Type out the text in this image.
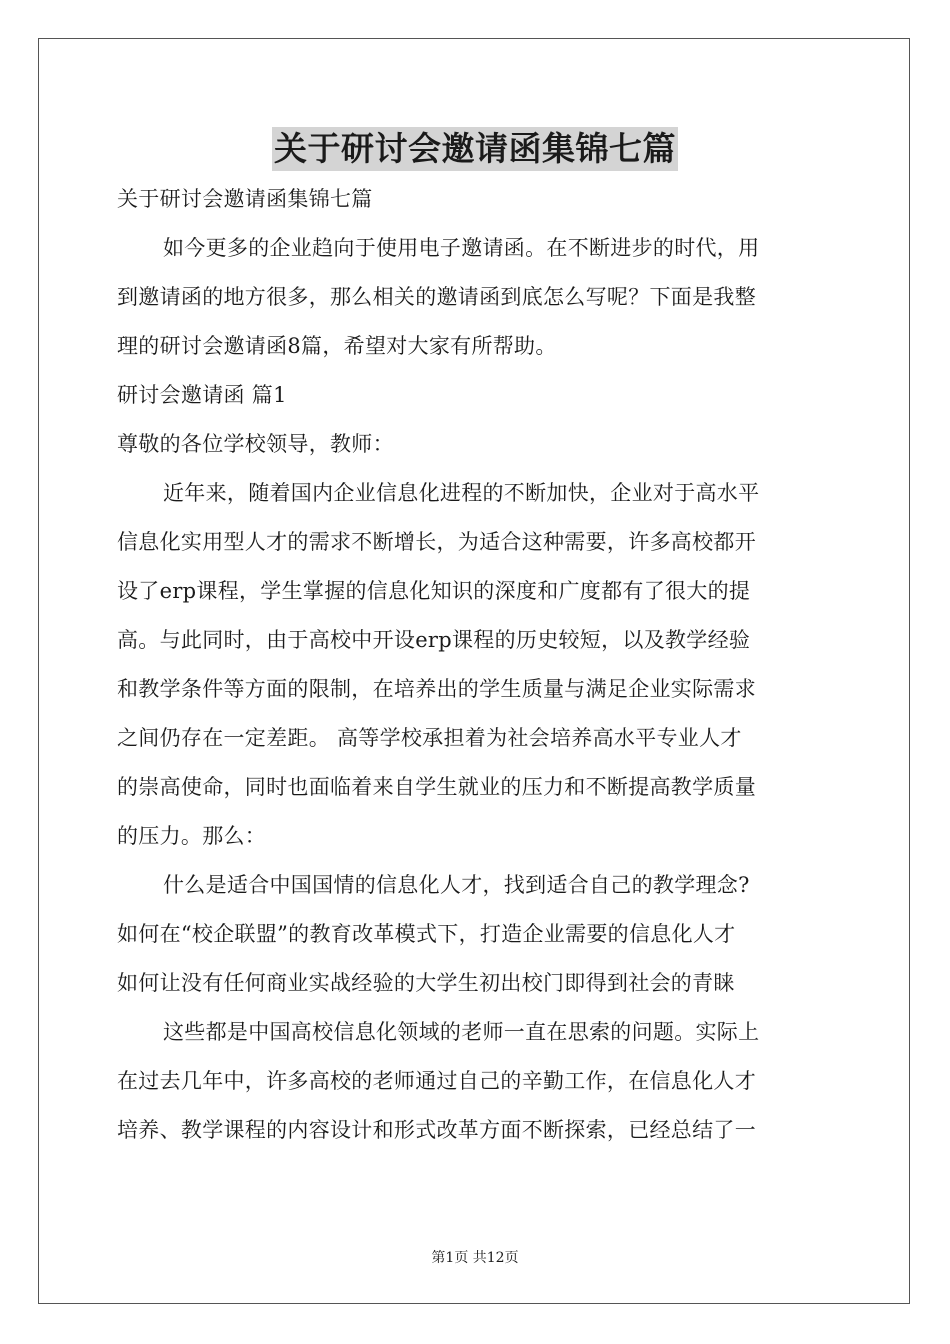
关于研讨会邀请函集锦七篇
关于研讨会邀请函集锦七篇
如今更多的企业趋向于使用电子邀请函。在不断进步的时代，用
到邀请函的地方很多，那么相关的邀请函到底怎么写呢？下面是我整
理的研讨会邀请函8篇，希望对大家有所帮助。
研讨会邀请函 篇1
尊敬的各位学校领导，教师：
近年来，随着国内企业信息化进程的不断加快，企业对于高水平
信息化实用型人才的需求不断增长，为适合这种需要，许多高校都开
设了erp课程，学生掌握的信息化知识的深度和广度都有了很大的提
高。与此同时，由于高校中开设erp课程的历史较短，以及教学经验
和教学条件等方面的限制，在培养出的学生质量与满足企业实际需求
之间仍存在一定差距。 高等学校承担着为社会培养高水平专业人才
的崇高使命，同时也面临着来自学生就业的压力和不断提高教学质量
的压力。那么：
什么是适合中国国情的信息化人才，找到适合自己的教学理念?
如何在“校企联盟”的教育改革模式下，打造企业需要的信息化人才
如何让没有任何商业实战经验的大学生初出校门即得到社会的青睐
这些都是中国高校信息化领域的老师一直在思索的问题。实际上
在过去几年中，许多高校的老师通过自己的辛勤工作，在信息化人才
培养、教学课程的内容设计和形式改革方面不断探索，已经总结了一
第1页 共12页
